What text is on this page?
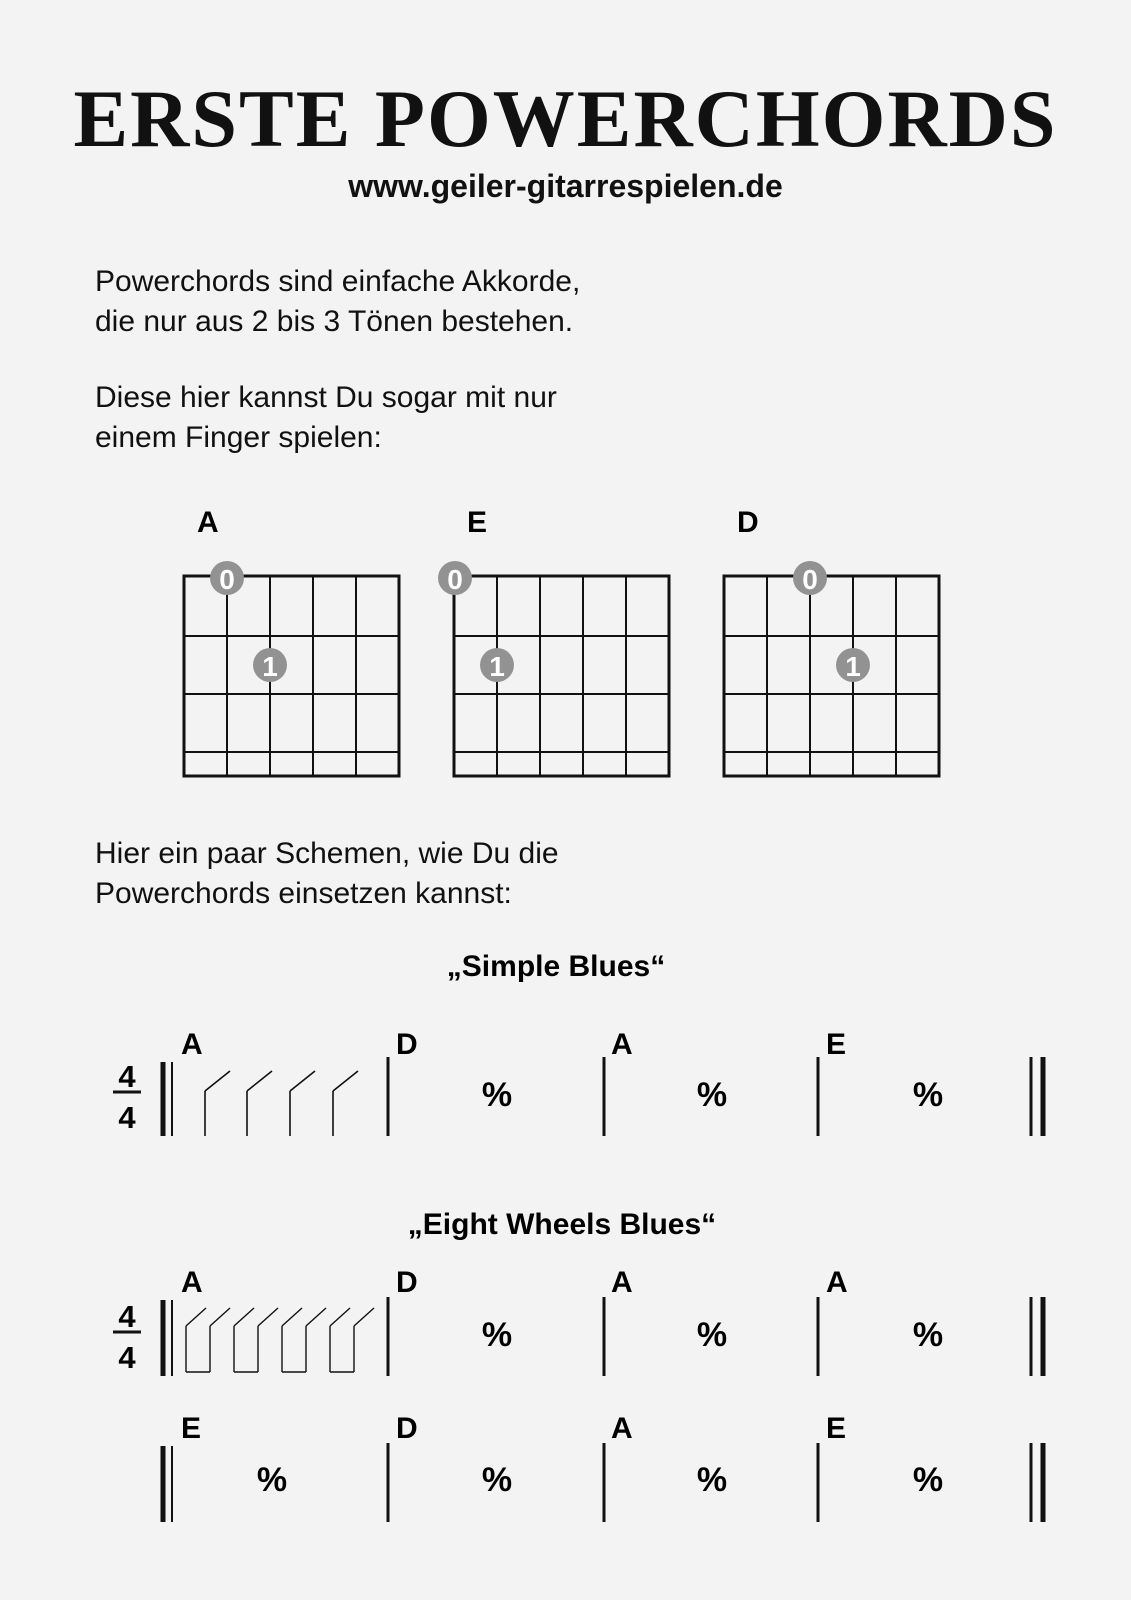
ERSTE POWERCHORDS
www.geiler-gitarrespielen.de

Powerchords sind einfache Akkorde,
die nur aus 2 bis 3 Tönen bestehen.

Diese hier kannst Du sogar mit nur
einem Finger spielen:

Hier ein paar Schemen, wie Du die
Powerchords einsetzen kannst:

A
0
1
E
0
1
D
0
1
„Simple Blues“
4
4
A	D	A	E
%	%	%
„Eight Wheels Blues“
4
4
A	D	A	A
%	%	%
E	D	A	E
%	%	%	%
